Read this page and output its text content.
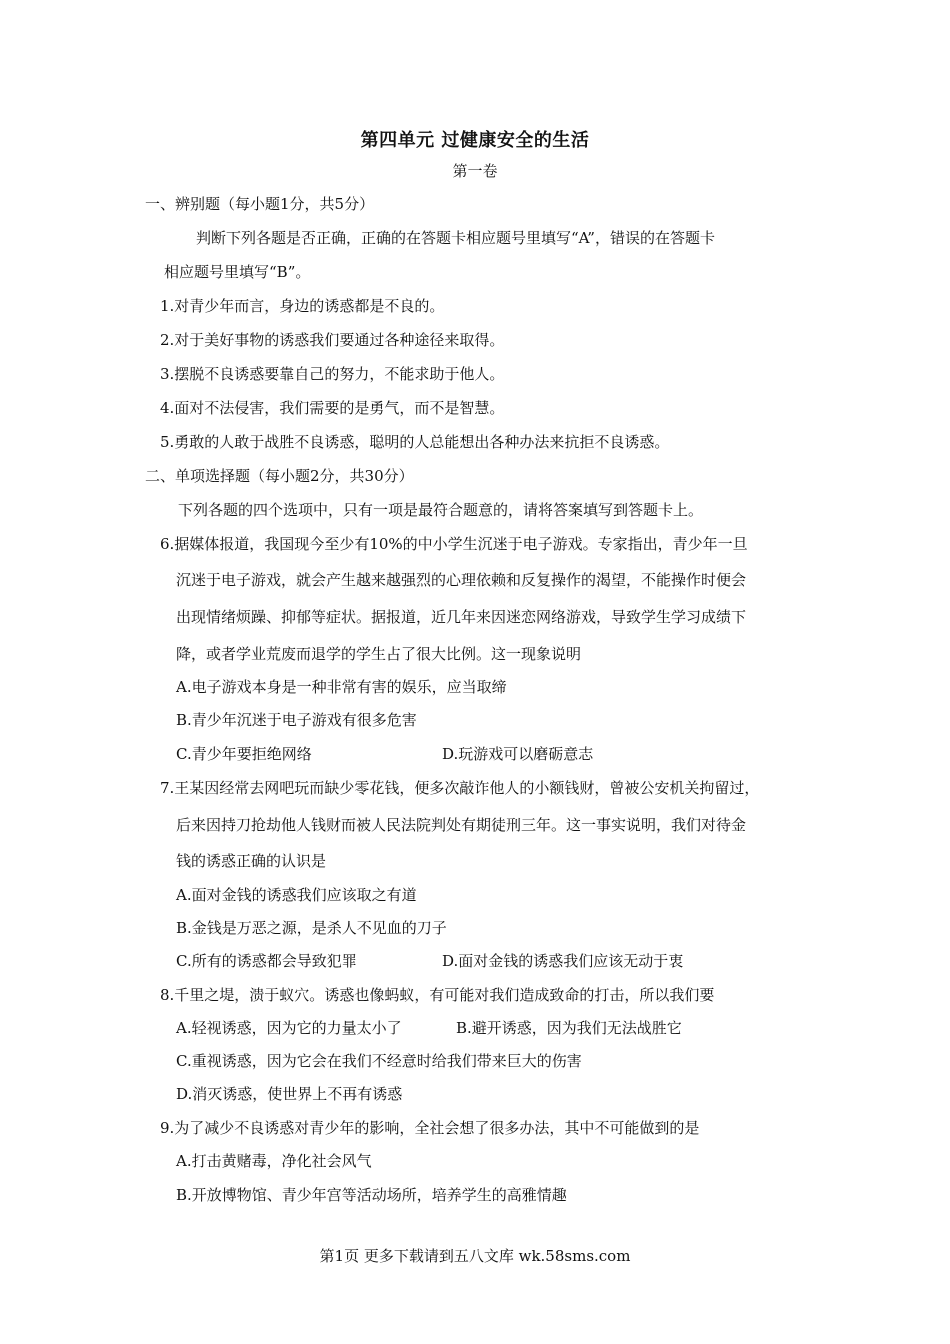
第四单元 过健康安全的生活
第一卷
一、辨别题（每小题1分，共5分）
判断下列各题是否正确，正确的在答题卡相应题号里填写“A”，错误的在答题卡
相应题号里填写“B”。
1.对青少年而言，身边的诱惑都是不良的。
2.对于美好事物的诱惑我们要通过各种途径来取得。
3.摆脱不良诱惑要靠自己的努力，不能求助于他人。
4.面对不法侵害，我们需要的是勇气，而不是智慧。
5.勇敢的人敢于战胜不良诱惑，聪明的人总能想出各种办法来抗拒不良诱惑。
二、单项选择题（每小题2分，共30分）
下列各题的四个选项中，只有一项是最符合题意的，请将答案填写到答题卡上。
6.据媒体报道，我国现今至少有10%的中小学生沉迷于电子游戏。专家指出，青少年一旦
沉迷于电子游戏，就会产生越来越强烈的心理依赖和反复操作的渴望，不能操作时便会
出现情绪烦躁、抑郁等症状。据报道，近几年来因迷恋网络游戏，导致学生学习成绩下
降，或者学业荒废而退学的学生占了很大比例。这一现象说明
A.电子游戏本身是一种非常有害的娱乐，应当取缔
B.青少年沉迷于电子游戏有很多危害
C.青少年要拒绝网络	D.玩游戏可以磨砺意志
7.王某因经常去网吧玩而缺少零花钱，便多次敲诈他人的小额钱财，曾被公安机关拘留过，
后来因持刀抢劫他人钱财而被人民法院判处有期徒刑三年。这一事实说明，我们对待金
钱的诱惑正确的认识是
A.面对金钱的诱惑我们应该取之有道
B.金钱是万恶之源，是杀人不见血的刀子
C.所有的诱惑都会导致犯罪	D.面对金钱的诱惑我们应该无动于衷
8.千里之堤，溃于蚁穴。诱惑也像蚂蚁，有可能对我们造成致命的打击，所以我们要
A.轻视诱惑，因为它的力量太小了	B.避开诱惑，因为我们无法战胜它
C.重视诱惑，因为它会在我们不经意时给我们带来巨大的伤害
D.消灭诱惑，使世界上不再有诱惑
9.为了减少不良诱惑对青少年的影响，全社会想了很多办法，其中不可能做到的是
A.打击黄赌毒，净化社会风气
B.开放博物馆、青少年宫等活动场所，培养学生的高雅情趣
第1页 更多下载请到五八文库 wk.58sms.com
